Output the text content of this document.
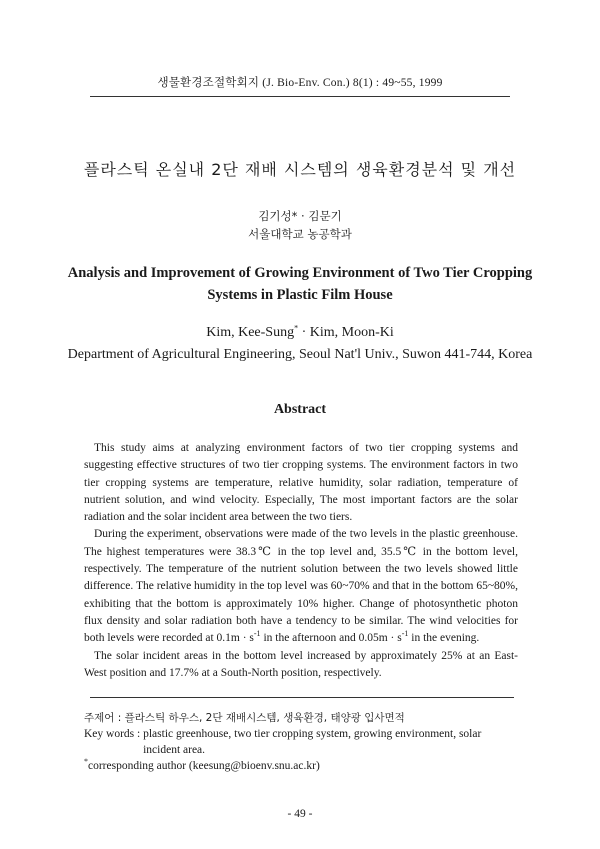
생물환경조절학회지 (J. Bio-Env. Con.) 8(1) : 49~55, 1999
플라스틱 온실내 2단 재배 시스템의 생육환경분석 및 개선
김기성* · 김문기
서울대학교 농공학과
Analysis and Improvement of Growing Environment of Two Tier Cropping Systems in Plastic Film House
Kim, Kee-Sung* · Kim, Moon-Ki
Department of Agricultural Engineering, Seoul Nat'l Univ., Suwon 441-744, Korea
Abstract

This study aims at analyzing environment factors of two tier cropping systems and suggesting effective structures of two tier cropping systems. The environment factors in two tier cropping systems are temperature, relative humidity, solar radiation, temperature of nutrient solution, and wind velocity. Especially, The most important factors are the solar radiation and the solar incident area between the two tiers.

During the experiment, observations were made of the two levels in the plastic greenhouse. The highest temperatures were 38.3℃ in the top level and, 35.5℃ in the bottom level, respectively. The temperature of the nutrient solution between the two levels showed little difference. The relative humidity in the top level was 60~70% and that in the bottom 65~80%, exhibiting that the bottom is approximately 10% higher. Change of photosynthetic photon flux density and solar radiation both have a tendency to be similar. The wind velocities for both levels were recorded at $0.1m \cdot s^{-1}$ in the afternoon and $0.05m \cdot s^{-1}$ in the evening.

The solar incident areas in the bottom level increased by approximately 25% at an East-West position and 17.7% at a South-North position, respectively.

주제어 : 플라스틱 하우스, 2단 재배시스템, 생육환경, 태양광 입사면적
Key words : plastic greenhouse, two tier cropping system, growing environment, solar
incident area.
*corresponding author (keesung@bioenv.snu.ac.kr)
- 49 -
